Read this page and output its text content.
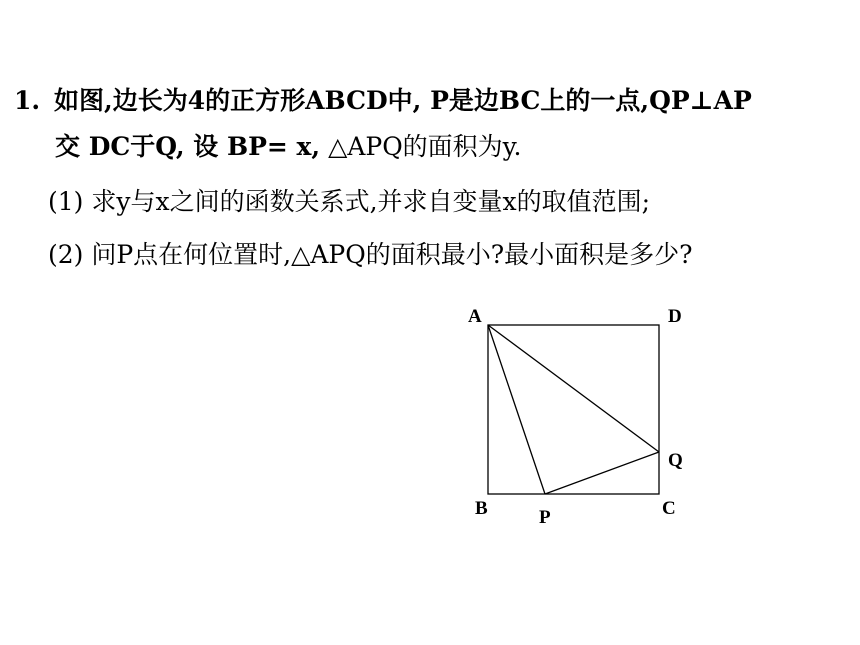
1. 如图,边长为4的正方形ABCD中, P是边BC上的一点,QP⊥AP
交 DC于Q, 设 BP= x, △APQ的面积为y.
(1) 求y与x之间的函数关系式,并求自变量x的取值范围;
(2) 问P点在何位置时,△APQ的面积最小?最小面积是多少?
A	D
Q
B	P	C
